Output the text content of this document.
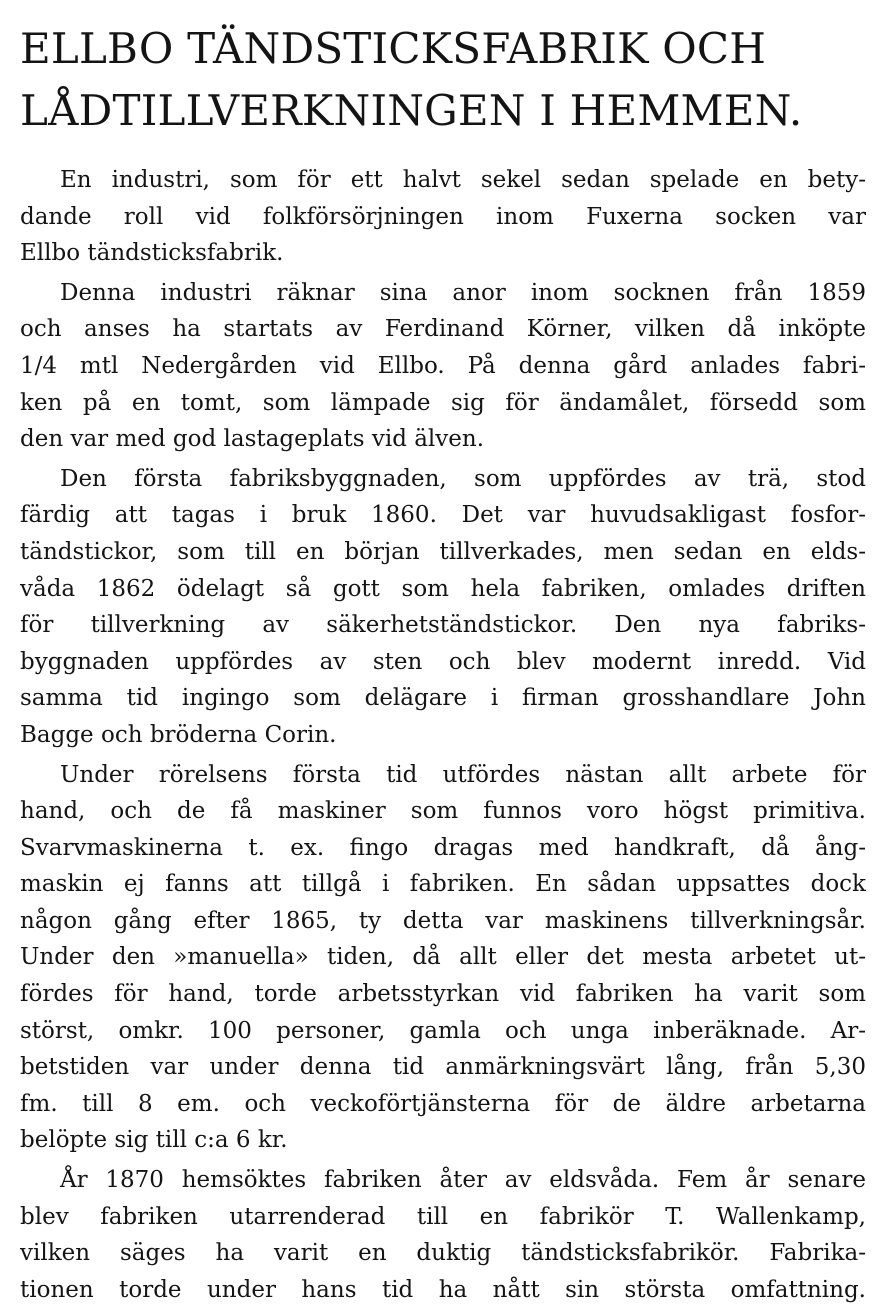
ELLBO TÄNDSTICKSFABRIK OCH
LÅDTILLVERKNINGEN I HEMMEN.
En industri, som för ett halvt sekel sedan spelade en bety-
dande roll vid folkförsörjningen inom Fuxerna socken var
Ellbo tändsticksfabrik.
Denna industri räknar sina anor inom socknen från 1859
och anses ha startats av Ferdinand Körner, vilken då inköpte
1/4 mtl Nedergården vid Ellbo. På denna gård anlades fabri-
ken på en tomt, som lämpade sig för ändamålet, försedd som
den var med god lastageplats vid älven.
Den första fabriksbyggnaden, som uppfördes av trä, stod
färdig att tagas i bruk 1860. Det var huvudsakligast fosfor-
tändstickor, som till en början tillverkades, men sedan en elds-
våda 1862 ödelagt så gott som hela fabriken, omlades driften
för tillverkning av säkerhetständstickor. Den nya fabriks-
byggnaden uppfördes av sten och blev modernt inredd. Vid
samma tid ingingo som delägare i firman grosshandlare John
Bagge och bröderna Corin.
Under rörelsens första tid utfördes nästan allt arbete för
hand, och de få maskiner som funnos voro högst primitiva.
Svarvmaskinerna t. ex. fingo dragas med handkraft, då ång-
maskin ej fanns att tillgå i fabriken. En sådan uppsattes dock
någon gång efter 1865, ty detta var maskinens tillverkningsår.
Under den »manuella» tiden, då allt eller det mesta arbetet ut-
fördes för hand, torde arbetsstyrkan vid fabriken ha varit som
störst, omkr. 100 personer, gamla och unga inberäknade. Ar-
betstiden var under denna tid anmärkningsvärt lång, från 5,30
fm. till 8 em. och veckoförtjänsterna för de äldre arbetarna
belöpte sig till c:a 6 kr.
År 1870 hemsöktes fabriken åter av eldsvåda. Fem år senare
blev fabriken utarrenderad till en fabrikör T. Wallenkamp,
vilken säges ha varit en duktig tändsticksfabrikör. Fabrika-
tionen torde under hans tid ha nått sin största omfattning.
